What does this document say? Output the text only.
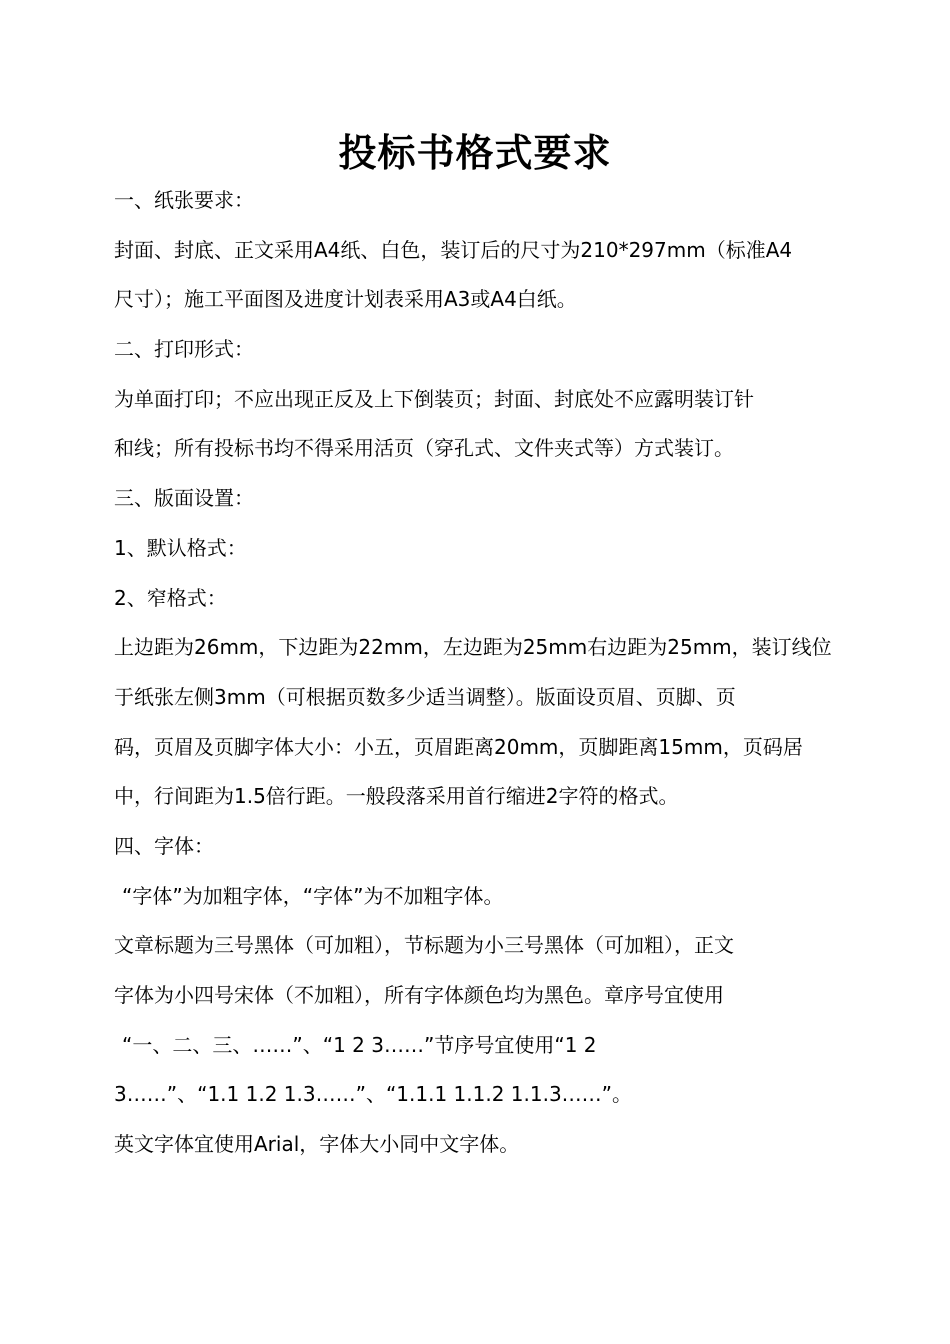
投标书格式要求

一、纸张要求：

封面、封底、正文采用A4纸、白色，装订后的尺寸为210*297mm（标准A4

尺寸）；施工平面图及进度计划表采用A3或A4白纸。

二、打印形式：

为单面打印；不应出现正反及上下倒装页；封面、封底处不应露明装订针

和线；所有投标书均不得采用活页（穿孔式、文件夹式等）方式装订。

三、版面设置：

1、默认格式：

2、窄格式：

上边距为26mm，下边距为22mm，左边距为25mm右边距为25mm，装订线位

于纸张左侧3mm（可根据页数多少适当调整）。版面设页眉、页脚、页

码，页眉及页脚字体大小：小五，页眉距离20mm，页脚距离15mm，页码居

中，行间距为1.5倍行距。一般段落采用首行缩进2字符的格式。

四、字体：

“字体”为加粗字体，“字体”为不加粗字体。

文章标题为三号黑体（可加粗），节标题为小三号黑体（可加粗），正文

字体为小四号宋体（不加粗），所有字体颜色均为黑色。章序号宜使用

“一、二、三、……”、“1 2 3……”节序号宜使用“1 2

3……”、“1.1 1.2 1.3……”、“1.1.1 1.1.2 1.1.3……”。

英文字体宜使用Arial，字体大小同中文字体。
